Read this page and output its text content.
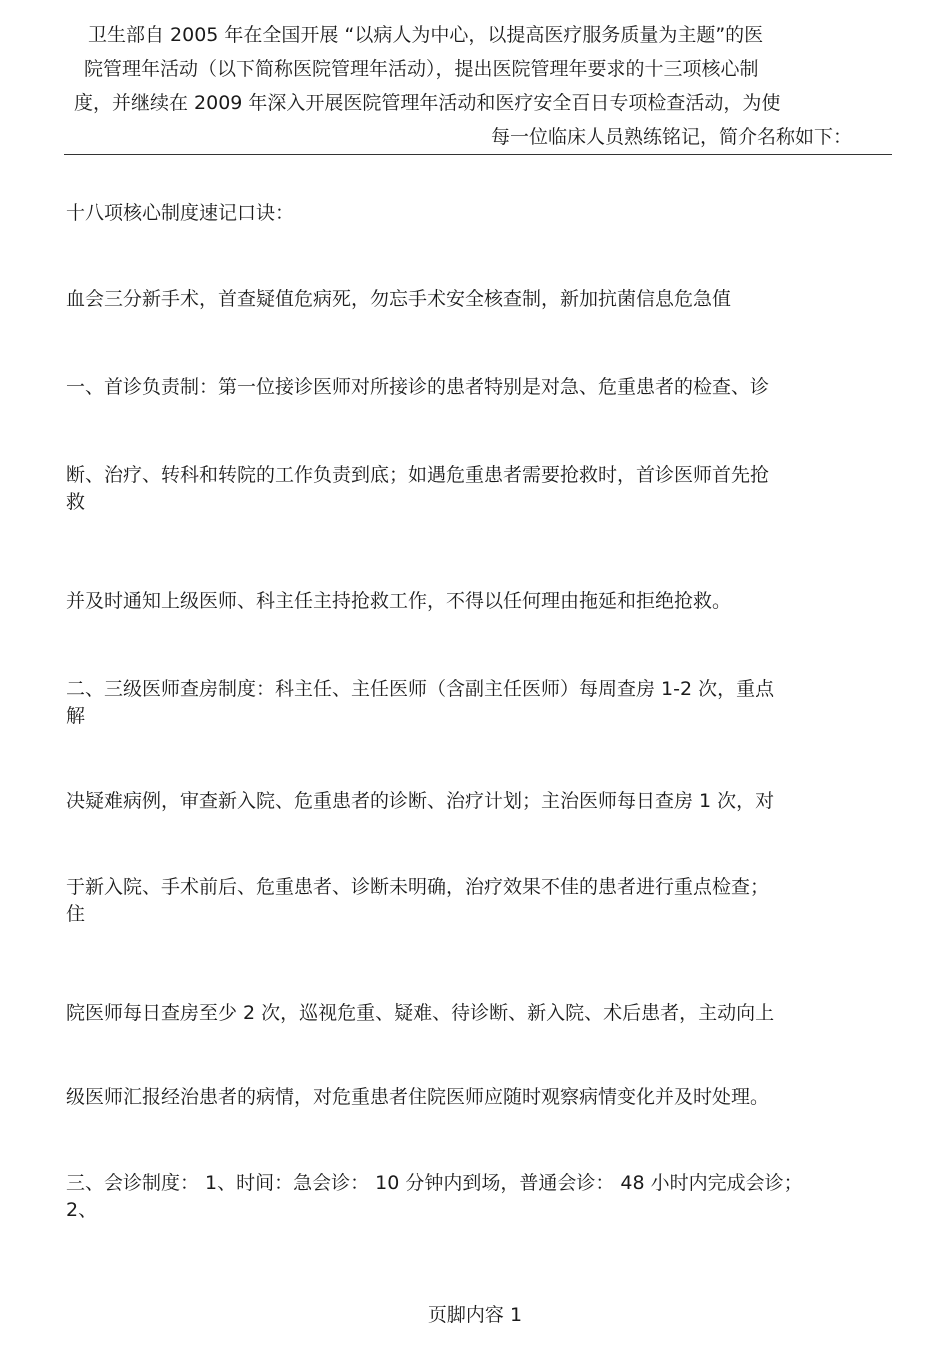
卫生部自 2005 年在全国开展 “以病人为中心，以提高医疗服务质量为主题”的医
院管理年活动（以下简称医院管理年活动），提出医院管理年要求的十三项核心制
度，并继续在 2009 年深入开展医院管理年活动和医疗安全百日专项检查活动，为使
每一位临床人员熟练铭记，简介名称如下：
十八项核心制度速记口诀：
血会三分新手术，首查疑值危病死，勿忘手术安全核查制，新加抗菌信息危急值
一、首诊负责制：第一位接诊医师对所接诊的患者特别是对急、危重患者的检查、诊
断、治疗、转科和转院的工作负责到底；如遇危重患者需要抢救时，首诊医师首先抢
救
并及时通知上级医师、科主任主持抢救工作，不得以任何理由拖延和拒绝抢救。
二、三级医师查房制度：科主任、主任医师（含副主任医师）每周查房 1-2 次，重点
解
决疑难病例，审查新入院、危重患者的诊断、治疗计划；主治医师每日查房 1 次，对
于新入院、手术前后、危重患者、诊断未明确，治疗效果不佳的患者进行重点检查；
住
院医师每日查房至少 2 次，巡视危重、疑难、待诊断、新入院、术后患者，主动向上
级医师汇报经治患者的病情，对危重患者住院医师应随时观察病情变化并及时处理。
三、会诊制度： 1、时间：急会诊： 10 分钟内到场，普通会诊： 48 小时内完成会诊；
2、
页脚内容 1
